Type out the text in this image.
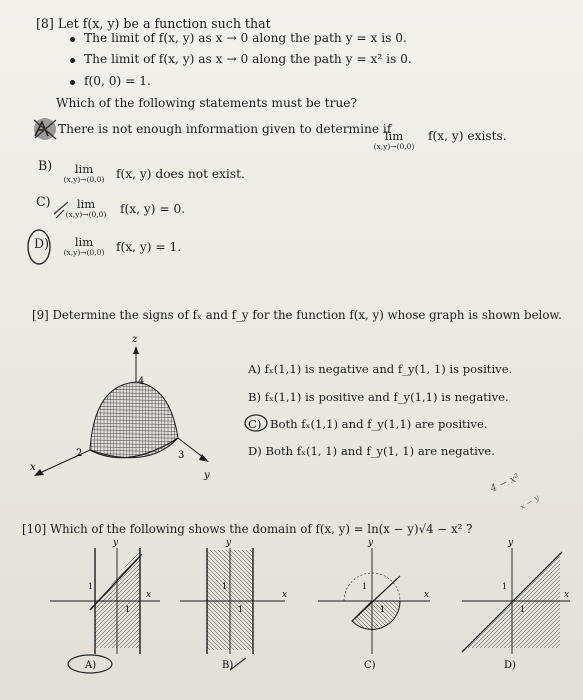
[8] Let f(x, y) be a function such that
The limit of f(x, y) as x → 0 along the path y = x is 0.
The limit of f(x, y) as x → 0 along the path y = x² is 0.
f(0, 0) = 1.
Which of the following statements must be true?
There is not enough information given to determine if
lim
(x,y)→(0,0)
f(x, y) exists.
B)	lim
(x,y)→(0,0) f(x, y) does not exist.
C)	lim
(x,y)→(0,0)	f(x, y) = 0.
D)	lim
(x,y)→(0,0) f(x, y) = 1.
[9] Determine the signs of fₓ and f_y for the function f(x, y) whose graph is shown below.
z
x
y
4
2	3
A) fₓ(1,1) is negative and f_y(1, 1) is positive.
B) fₓ(1,1) is positive and f_y(1,1) is negative.
C) Both fₓ(1,1) and f_y(1,1) are positive.
D) Both fₓ(1, 1) and f_y(1, 1) are negative.
4 − x²
x − y
[10] Which of the following shows the domain of f(x, y) = ln(x − y)√4 − x² ?
y
x
1
1
A)
y
x
1
1
B)
y
x
1
1
C)
y
x
1
1
D)
